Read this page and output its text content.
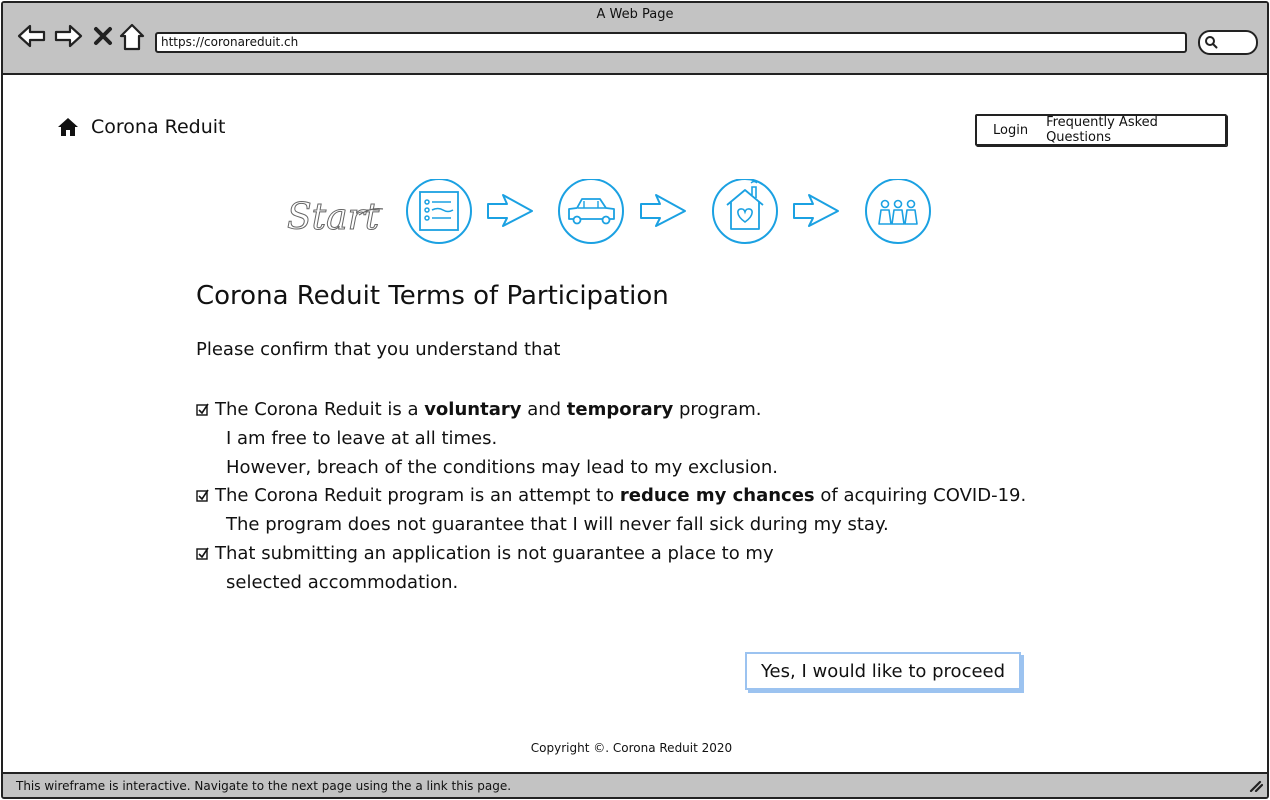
A Web Page
https://coronareduit.ch
Corona Reduit	Login Frequently Asked Questions
Start
Corona Reduit Terms of Participation
Please confirm that you understand that
The Corona Reduit is a voluntary and temporary program.
I am free to leave at all times.
However, breach of the conditions may lead to my exclusion.
The Corona Reduit program is an attempt to reduce my chances of acquiring COVID-19.
The program does not guarantee that I will never fall sick during my stay.
That submitting an application is not guarantee a place to my
selected accommodation.
Yes, I would like to proceed
Copyright ©. Corona Reduit 2020
This wireframe is interactive. Navigate to the next page using the a link this page.
